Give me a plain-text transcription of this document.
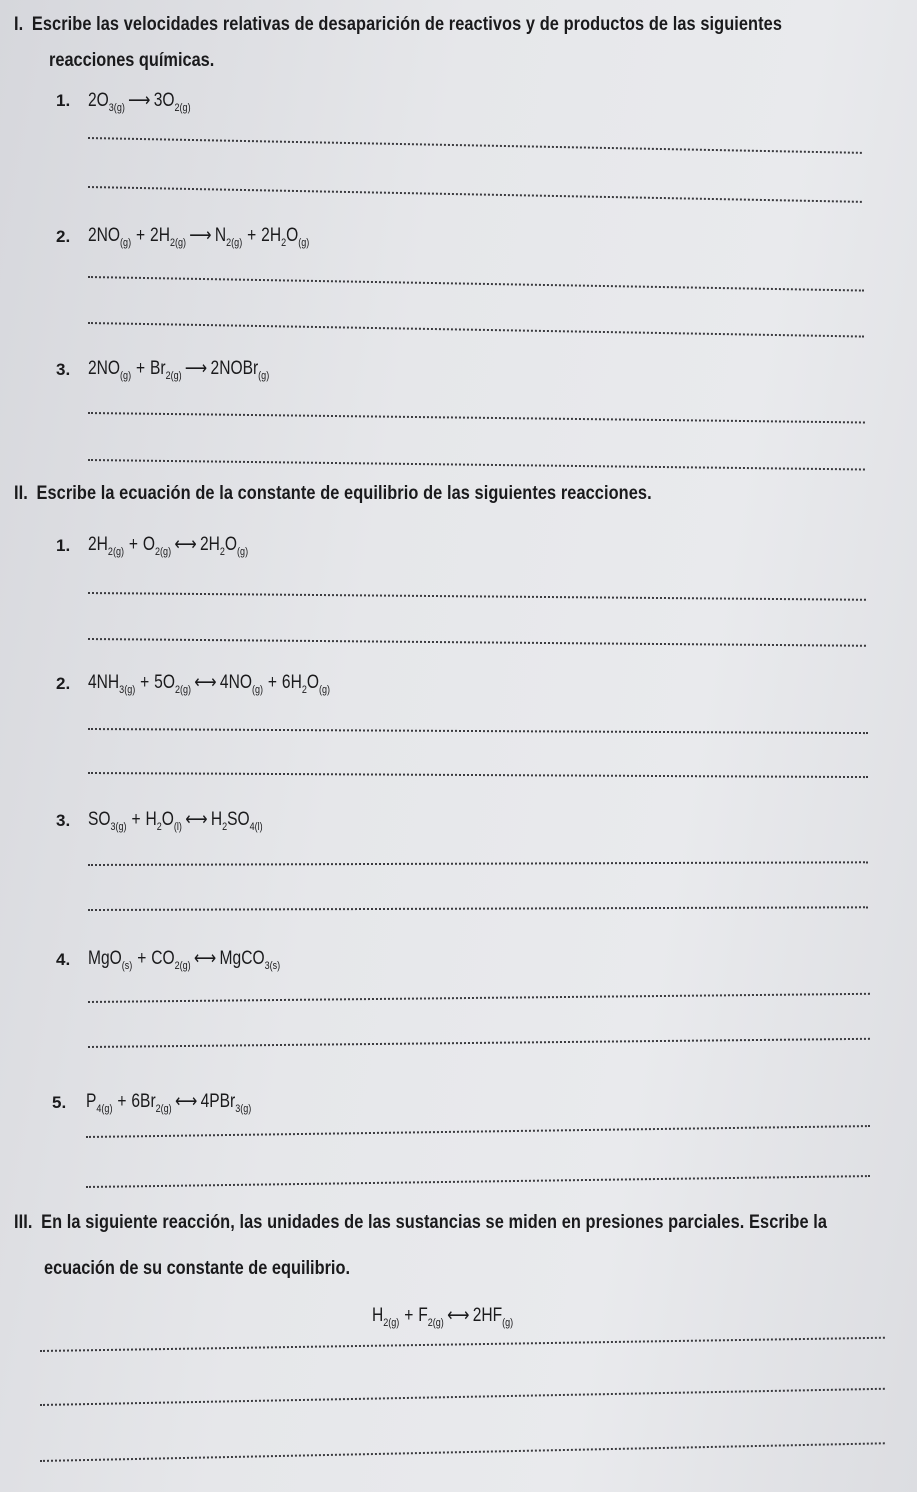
I. Escribe las velocidades relativas de desaparición de reactivos y de productos de las siguientes
reacciones químicas.
1. $2O_{3(g)}$ ⟶ $3O_{2(g)}$
2. $2NO_{(g)} + 2H_{2(g)}$ ⟶ $N_{2(g)} + 2H_2O_{(g)}$
3. $2NO_{(g)} + Br_{2(g)}$ ⟶ 2NOBr$_{(g)}$
II. Escribe la ecuación de la constante de equilibrio de las siguientes reacciones.
1. $2H_{2(g)} + O_{2(g)}$ ⟷ $2H_2O_{(g)}$
2. $4NH_{3(g)} + 5O_{2(g)}$ ⟷ $4NO_{(g)} + 6H_2O_{(g)}$
3. $SO_{3(g)} + H_2O_{(l)}$ ⟷ $H_2SO_{4(l)}$
4. $MgO_{(s)} + CO_{2(g)}$ ⟷ MgCO$_{3(s)}$
5. $P_{4(g)} + 6Br_{2(g)}$ ⟷ 4PBr$_{3(g)}$
III. En la siguiente reacción, las unidades de las sustancias se miden en presiones parciales. Escribe la
ecuación de su constante de equilibrio.
$H_{2(g)} + F_{2(g)}$ ⟷ $2HF_{(g)}$
